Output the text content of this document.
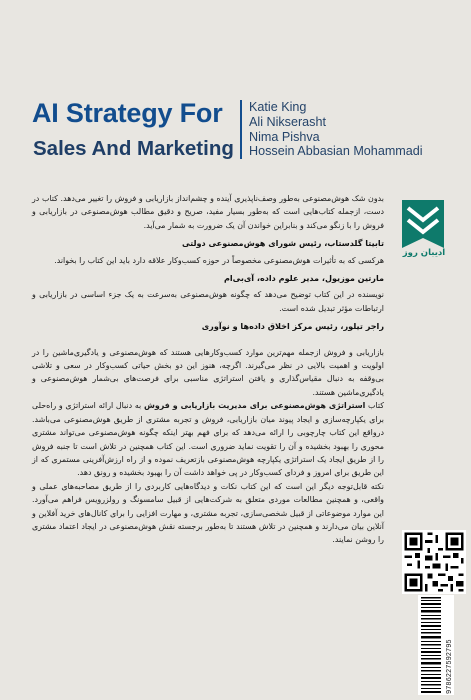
AI Strategy For
Sales And Marketing
Katie King
Ali Nikserasht
Nima Pishva
Hossein Abbasian Mohammadi
ادیبان روز

بدون شک هوش‌مصنوعی به‌طور وصف‌ناپذیری آینده و چشم‌انداز بازاریابی و فروش را تغییر می‌دهد. کتاب در دست، ازجمله کتاب‌هایی است که به‌طور بسیار مفید، صریح و دقیق مطالب هوش‌مصنوعی در بازاریابی و فروش را با زنگو می‌کند و بنابراین خواندن آن یک ضرورت به شمار می‌آید.

تابیتا گلدستاب، رئیس شورای هوش‌مصنوعی دولتی

هرکسی که به تأثیرات هوش‌مصنوعی مخصوصاً در حوزه کسب‌وکار علاقه دارد باید این کتاب را بخواند.

مارتین موزیول، مدیر علوم داده، آی‌بی‌ام

نویسنده در این کتاب توضیح می‌دهد که چگونه هوش‌مصنوعی به‌سرعت به یک جزء اساسی در بازاریابی و ارتباطات مؤثر تبدیل شده است.

راجر تیلور، رئیس مرکز اخلاق داده‌ها و نوآوری

بازاریابی و فروش ازجمله مهم‌ترین موارد کسب‌وکارهایی هستند که هوش‌مصنوعی و یادگیری‌ماشین را در اولویت و اهمیت بالایی در نظر می‌گیرند. اگرچه، هنوز این دو بخش حیاتی کسب‌وکار در سعی و تلاشی بی‌وقفه به دنبال مقیاس‌گذاری و یافتن استراتژی مناسبی برای فرصت‌های بی‌شمار هوش‌مصنوعی و یادگیری‌ماشین هستند.

کتاب استراتژی هوش‌مصنوعی برای مدیریت بازاریابی و فروش به دنبال ارائه استراتژی و راه‌حلی برای یکپارچه‌سازی و ایجاد پیوند میان بازاریابی، فروش و تجربه مشتری از طریق هوش‌مصنوعی می‌باشد. درواقع این کتاب چارچوبی را ارائه می‌دهد که برای فهم بهتر اینکه چگونه هوش‌مصنوعی می‌تواند مشتری محوری را بهبود بخشیده و آن را تقویت نماید ضروری است. این کتاب همچنین در تلاش است تا جنبه فروش را از طریق ایجاد یک استراتژی یکپارچه هوش‌مصنوعی بازتعریف نموده و از راه ارزش‌آفرینی مستمری که از این طریق برای امروز و فردای کسب‌وکار در پی خواهد داشت آن را بهبود بخشیده و رونق دهد.

نکته قابل‌توجه دیگر این است که این کتاب نکات و دیدگاه‌هایی کاربردی را از طریق مصاحبه‌های عملی و واقعی، و همچنین مطالعات موردی متعلق به شرکت‌هایی از قبیل سامسونگ و رولزرویس فراهم می‌آورد. این موارد موضوعاتی از قبیل شخصی‌سازی، تجربه مشتری، و مهارت افزایی را برای کانال‌های خرید آفلاین و آنلاین بیان می‌دارند و همچنین در تلاش هستند تا به‌طور برجسته نقش هوش‌مصنوعی در ایجاد اعتماد مشتری را روشن نمایند.

9786227592795
